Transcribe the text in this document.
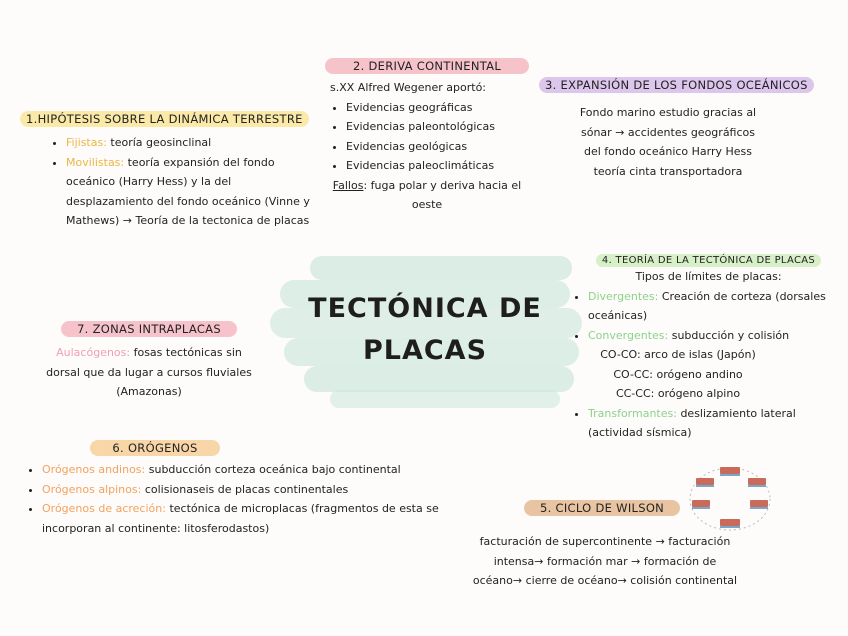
TECTÓNICA DE
PLACAS
1.HIPÓTESIS SOBRE LA DINÁMICA TERRESTRE
• Fijistas: teoría geosinclinal
• Movilistas: teoría expansión del fondo oceánico (Harry Hess) y la del desplazamiento del fondo oceánico (Vinne y Mathews) → Teoría de la tectonica de placas
2. DERIVA CONTINENTAL
s.XX Alfred Wegener aportó:
• Evidencias geográficas
• Evidencias paleontológicas
• Evidencias geológicas
• Evidencias paleoclimáticas
Fallos: fuga polar y deriva hacia el oeste
3. EXPANSIÓN DE LOS FONDOS OCEÁNICOS
Fondo marino estudio gracias al sónar → accidentes geográficos del fondo oceánico Harry Hess teoría cinta transportadora
4. TEORÍA DE LA TECTÓNICA DE PLACAS
Tipos de límites de placas:
• Divergentes: Creación de corteza (dorsales oceánicas)
• Convergentes: subducción y colisión
CO-CO: arco de islas (Japón)
CO-CC: orógeno andino
CC-CC: orógeno alpino
• Transformantes: deslizamiento lateral (actividad sísmica)
7. ZONAS INTRAPLACAS
Aulacógenos: fosas tectónicas sin dorsal que da lugar a cursos fluviales (Amazonas)
6. ORÓGENOS
• Orógenos andinos: subducción corteza oceánica bajo continental
• Orógenos alpinos: colisionaseis de placas continentales
• Orógenos de acreción: tectónica de microplacas (fragmentos de esta se incorporan al continente: litosferodastos)
5. CICLO DE WILSON
facturación de supercontinente → facturación
intensa→ formación mar → formación de
océano→ cierre de océano→ colisión continental
